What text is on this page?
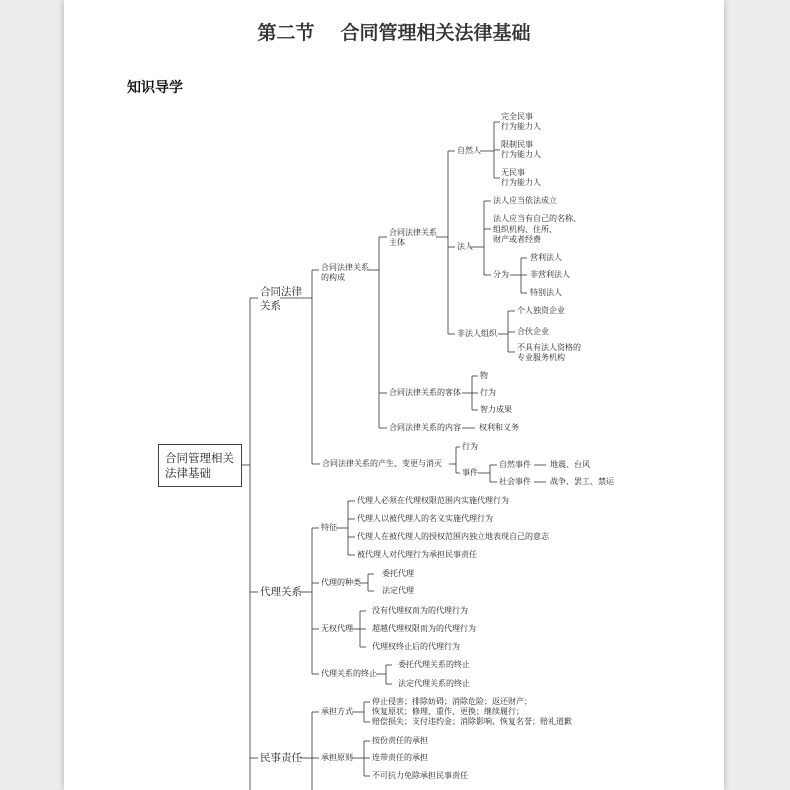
第二节 合同管理相关法律基础
知识导学
合同管理相关
法律基础
合同法律
关系
合同法律关系
的构成
合同法律关系
主体
自然人
完全民事
行为能力人
限制民事
行为能力人
无民事
行为能力人
法人
法人应当依法成立
法人应当有自己的名称、
组织机构、住所、
财产或者经费
分为
营利法人
非营利法人
特别法人
非法人组织
个人独资企业
合伙企业
不具有法人资格的
专业服务机构
合同法律关系的客体
物
行为
智力成果
合同法律关系的内容 权利和义务
合同法律关系的产生、变更与消灭
行为
事件
自然事件 地震、台风
社会事件 战争、罢工、禁运
代理关系
特征
代理人必须在代理权限范围内实施代理行为
代理人以被代理人的名义实施代理行为
代理人在被代理人的授权范围内独立地表现自己的意志
被代理人对代理行为承担民事责任
代理的种类
委托代理
法定代理
无权代理
没有代理权而为的代理行为
超越代理权限而为的代理行为
代理权终止后的代理行为
代理关系的终止
委托代理关系的终止
法定代理关系的终止
民事责任
承担方式
停止侵害；排除妨碍；消除危险；返还财产；
恢复原状；修理、重作、更换；继续履行；
赔偿损失；支付违约金；消除影响、恢复名誉；赔礼道歉
承担原则
按份责任的承担
连带责任的承担
不可抗力免除承担民事责任
